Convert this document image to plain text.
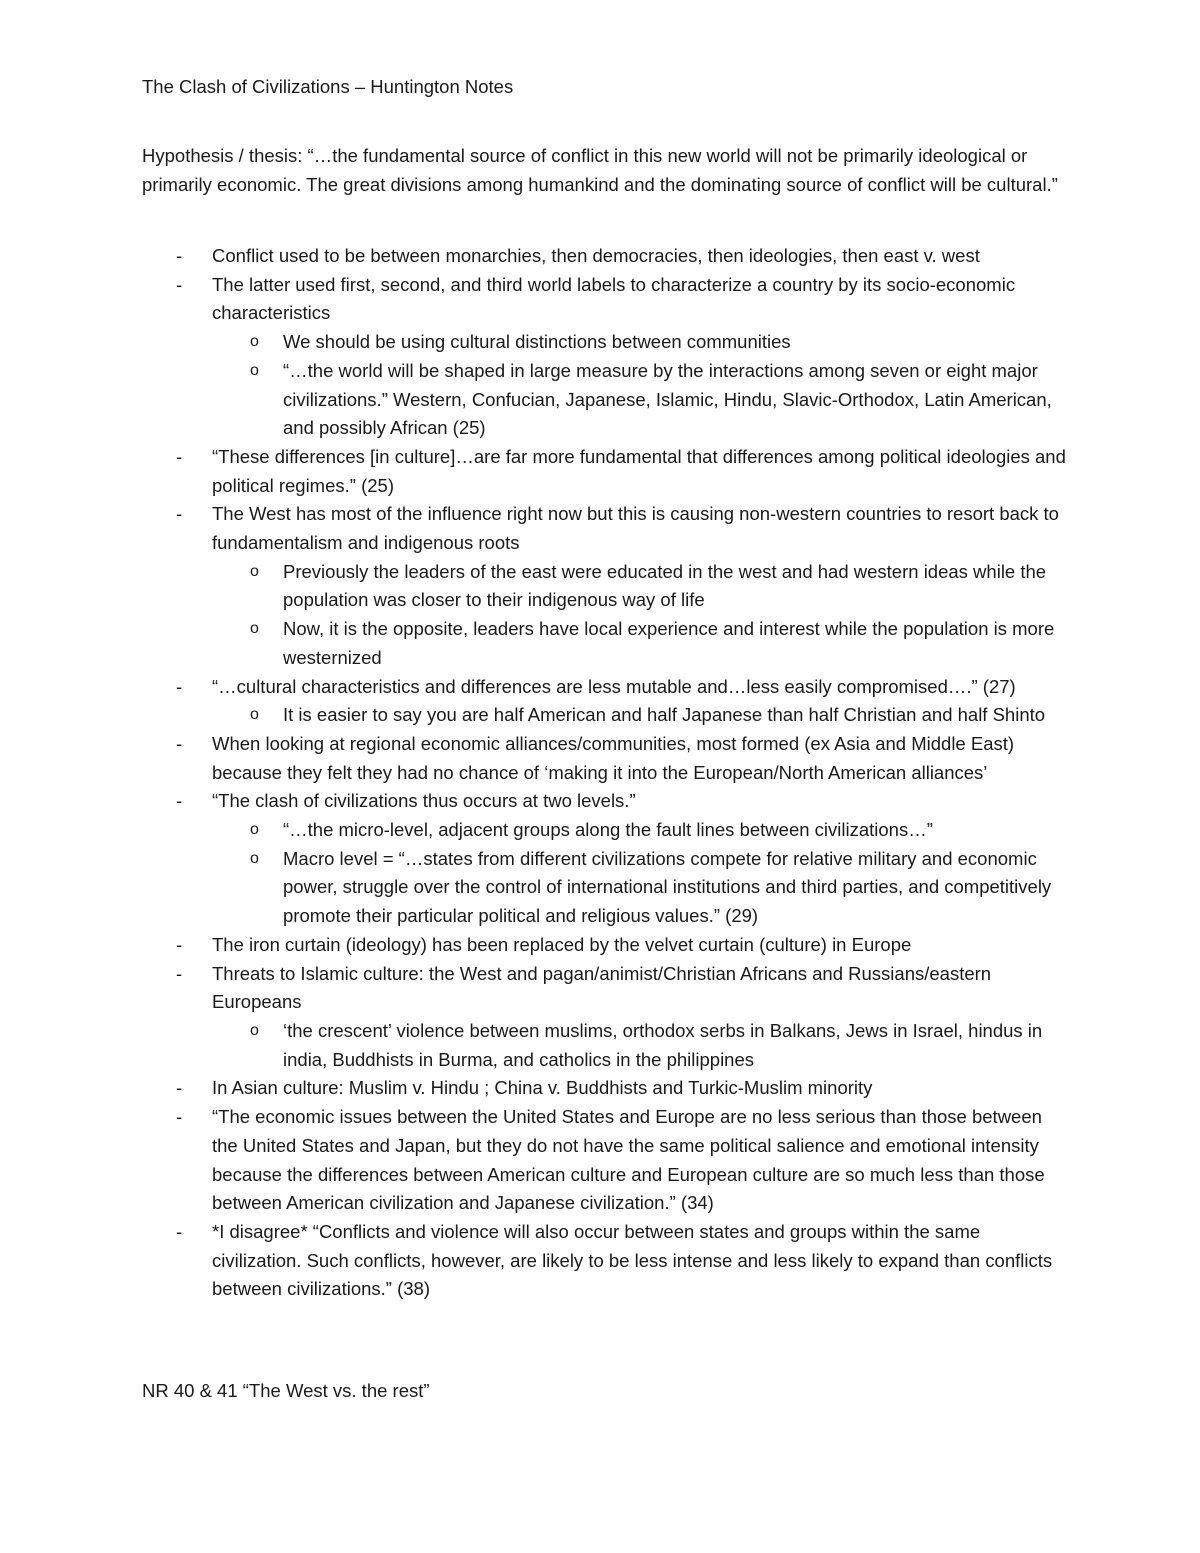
The Clash of Civilizations – Huntington Notes
Hypothesis / thesis: “…the fundamental source of conflict in this new world will not be primarily ideological or primarily economic. The great divisions among humankind and the dominating source of conflict will be cultural.”
- Conflict used to be between monarchies, then democracies, then ideologies, then east v. west
- The latter used first, second, and third world labels to characterize a country by its socio-economic characteristics
o We should be using cultural distinctions between communities
o “…the world will be shaped in large measure by the interactions among seven or eight major civilizations.” Western, Confucian, Japanese, Islamic, Hindu, Slavic-Orthodox, Latin American, and possibly African (25)
- “These differences [in culture]…are far more fundamental that differences among political ideologies and political regimes.” (25)
- The West has most of the influence right now but this is causing non-western countries to resort back to fundamentalism and indigenous roots
o Previously the leaders of the east were educated in the west and had western ideas while the population was closer to their indigenous way of life
o Now, it is the opposite, leaders have local experience and interest while the population is more westernized
- “…cultural characteristics and differences are less mutable and…less easily compromised….” (27)
o It is easier to say you are half American and half Japanese than half Christian and half Shinto
- When looking at regional economic alliances/communities, most formed (ex Asia and Middle East) because they felt they had no chance of ‘making it into the European/North American alliances’
- “The clash of civilizations thus occurs at two levels.”
o “…the micro-level, adjacent groups along the fault lines between civilizations…”
o Macro level = “…states from different civilizations compete for relative military and economic power, struggle over the control of international institutions and third parties, and competitively promote their particular political and religious values.” (29)
- The iron curtain (ideology) has been replaced by the velvet curtain (culture) in Europe
- Threats to Islamic culture: the West and pagan/animist/Christian Africans and Russians/eastern Europeans
o ‘the crescent’ violence between muslims, orthodox serbs in Balkans, Jews in Israel, hindus in india, Buddhists in Burma, and catholics in the philippines
- In Asian culture: Muslim v. Hindu ; China v. Buddhists and Turkic-Muslim minority
- “The economic issues between the United States and Europe are no less serious than those between the United States and Japan, but they do not have the same political salience and emotional intensity because the differences between American culture and European culture are so much less than those between American civilization and Japanese civilization.” (34)
- *I disagree* “Conflicts and violence will also occur between states and groups within the same civilization. Such conflicts, however, are likely to be less intense and less likely to expand than conflicts between civilizations.” (38)
NR 40 & 41 “The West vs. the rest”
